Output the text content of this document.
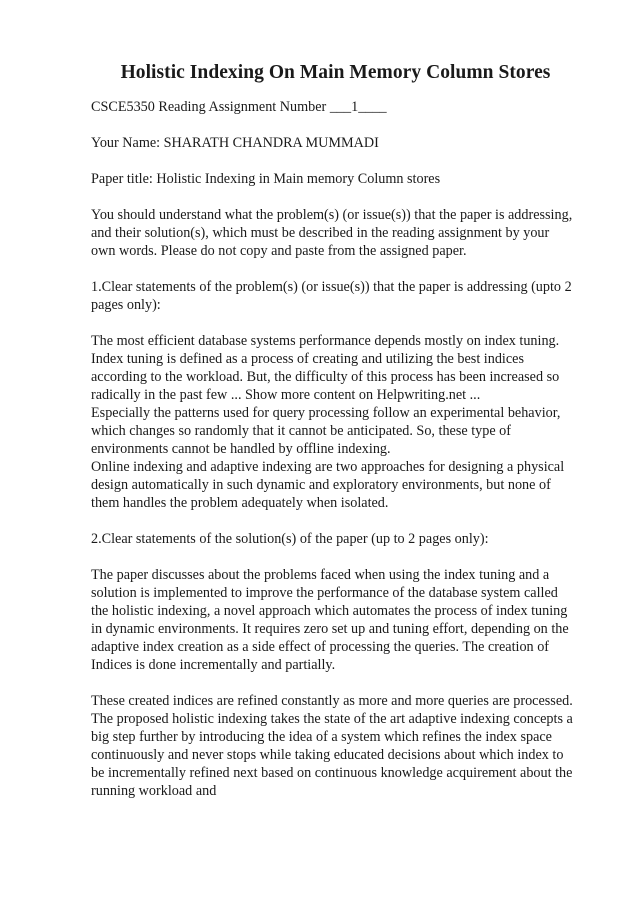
Holistic Indexing On Main Memory Column Stores
CSCE5350 Reading Assignment Number ___1____
Your Name: SHARATH CHANDRA MUMMADI
Paper title: Holistic Indexing in Main memory Column stores
You should understand what the problem(s) (or issue(s)) that the paper is addressing,
and their solution(s), which must be described in the reading assignment by your
own words. Please do not copy and paste from the assigned paper.
1.Clear statements of the problem(s) (or issue(s)) that the paper is addressing (upto 2
pages only):
The most efficient database systems performance depends mostly on index tuning.
Index tuning is defined as a process of creating and utilizing the best indices
according to the workload. But, the difficulty of this process has been increased so
radically in the past few ... Show more content on Helpwriting.net ...
Especially the patterns used for query processing follow an experimental behavior,
which changes so randomly that it cannot be anticipated. So, these type of
environments cannot be handled by offline indexing.
Online indexing and adaptive indexing are two approaches for designing a physical
design automatically in such dynamic and exploratory environments, but none of
them handles the problem adequately when isolated.
2.Clear statements of the solution(s) of the paper (up to 2 pages only):
The paper discusses about the problems faced when using the index tuning and a
solution is implemented to improve the performance of the database system called
the holistic indexing, a novel approach which automates the process of index tuning
in dynamic environments. It requires zero set up and tuning effort, depending on the
adaptive index creation as a side effect of processing the queries. The creation of
Indices is done incrementally and partially.
These created indices are refined constantly as more and more queries are processed.
The proposed holistic indexing takes the state of the art adaptive indexing concepts a
big step further by introducing the idea of a system which refines the index space
continuously and never stops while taking educated decisions about which index to
be incrementally refined next based on continuous knowledge acquirement about the
running workload and
